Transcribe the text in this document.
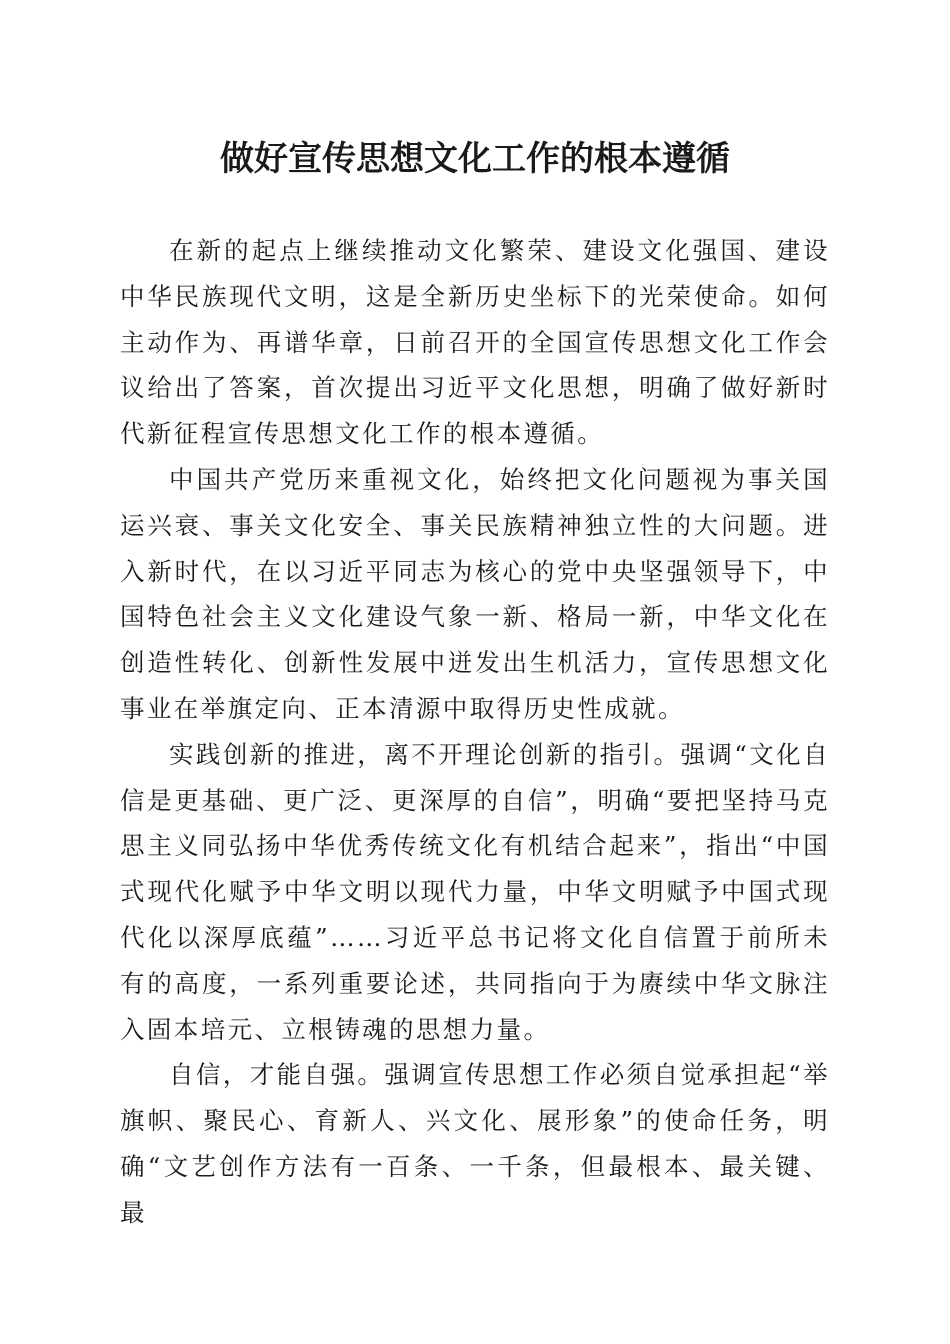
做好宣传思想文化工作的根本遵循

在新的起点上继续推动文化繁荣、建设文化强国、建设中华民族现代文明，这是全新历史坐标下的光荣使命。如何主动作为、再谱华章，日前召开的全国宣传思想文化工作会议给出了答案，首次提出习近平文化思想，明确了做好新时代新征程宣传思想文化工作的根本遵循。

中国共产党历来重视文化，始终把文化问题视为事关国运兴衰、事关文化安全、事关民族精神独立性的大问题。进入新时代，在以习近平同志为核心的党中央坚强领导下，中国特色社会主义文化建设气象一新、格局一新，中华文化在创造性转化、创新性发展中迸发出生机活力，宣传思想文化事业在举旗定向、正本清源中取得历史性成就。

实践创新的推进，离不开理论创新的指引。强调“文化自信是更基础、更广泛、更深厚的自信”，明确“要把坚持马克思主义同弘扬中华优秀传统文化有机结合起来”，指出“中国式现代化赋予中华文明以现代力量，中华文明赋予中国式现代化以深厚底蕴”……习近平总书记将文化自信置于前所未有的高度，一系列重要论述，共同指向于为赓续中华文脉注入固本培元、立根铸魂的思想力量。

自信，才能自强。强调宣传思想工作必须自觉承担起“举旗帜、聚民心、育新人、兴文化、展形象”的使命任务，明确“文艺创作方法有一百条、一千条，但最根本、最关键、最
